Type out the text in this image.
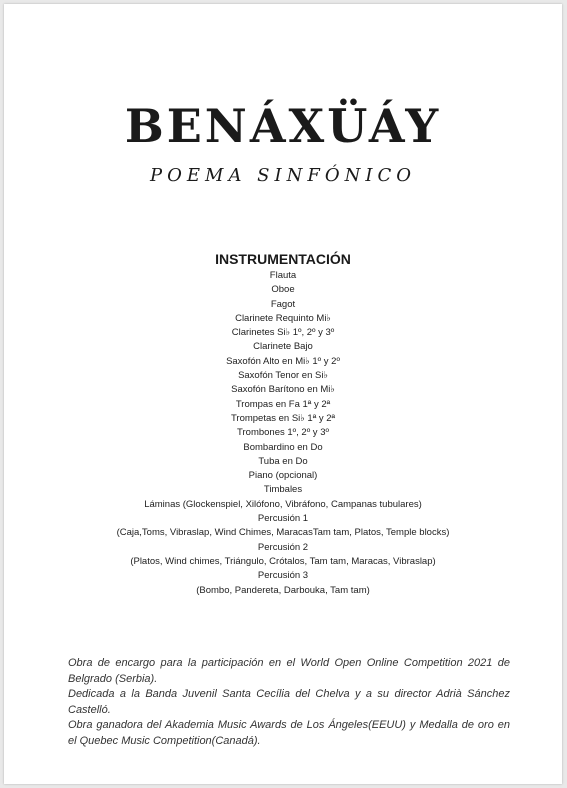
BENÁXÜÁY
POEMA SINFÓNICO
INSTRUMENTACIÓN
Flauta
Oboe
Fagot
Clarinete Requinto Mi♭
Clarinetes Si♭ 1º, 2º y 3º
Clarinete Bajo
Saxofón Alto en Mi♭ 1º y 2º
Saxofón Tenor en Si♭
Saxofón Barítono en Mi♭
Trompas en Fa 1ª y 2ª
Trompetas en Si♭ 1ª y 2ª
Trombones 1º, 2º y 3º
Bombardino en Do
Tuba en Do
Piano (opcional)
Timbales
Láminas (Glockenspiel, Xilófono, Vibráfono, Campanas tubulares)
Percusión 1
(Caja,Toms, Vibraslap, Wind Chimes, MaracasTam tam, Platos, Temple blocks)
Percusión 2
(Platos, Wind chimes, Triángulo, Crótalos, Tam tam, Maracas, Vibraslap)
Percusión 3
(Bombo, Pandereta, Darbouka, Tam tam)

Obra de encargo para la participación en el World Open Online Competition 2021 de Belgrado (Serbia).

Dedicada a la Banda Juvenil Santa Cecília del Chelva y a su director Adrià Sánchez Castelló.

Obra ganadora del Akademia Music Awards de Los Ángeles(EEUU) y Medalla de oro en el Quebec Music Competition(Canadá).
